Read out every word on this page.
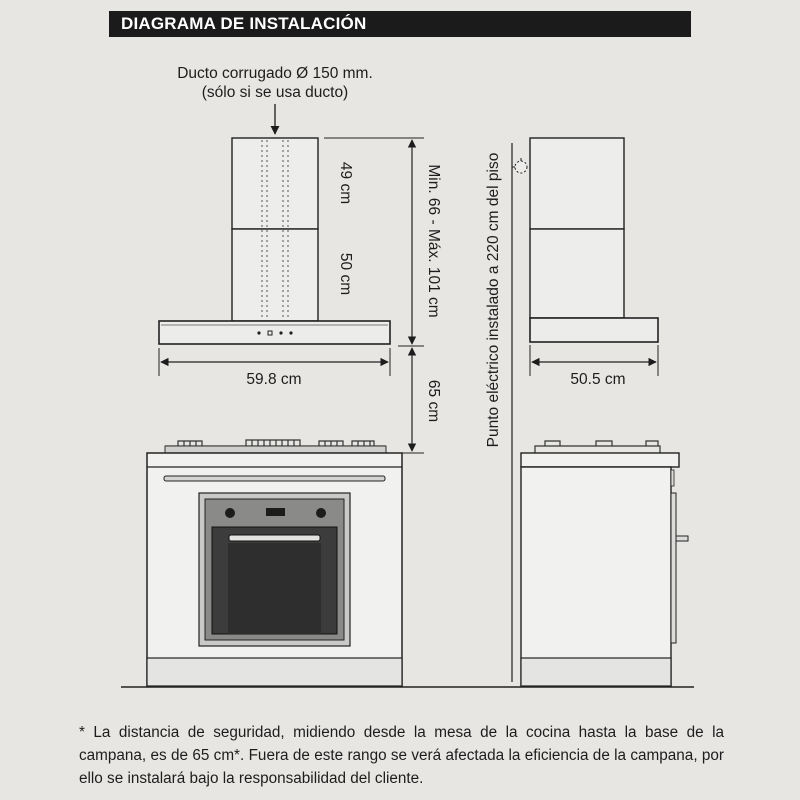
DIAGRAMA DE INSTALACIÓN
Ducto corrugado Ø 150 mm.
(sólo si se usa ducto)
49 cm
50 cm
59.8 cm
Min. 66 - Máx. 101 cm
65 cm	Punto eléctrico instalado a 220 cm del piso	50.5 cm

* La distancia de seguridad, midiendo desde la mesa de la cocina hasta la base de la campana, es de 65 cm*. Fuera de este rango se verá afectada la eficiencia de la campana, por ello se instalará bajo la responsabilidad del cliente.
